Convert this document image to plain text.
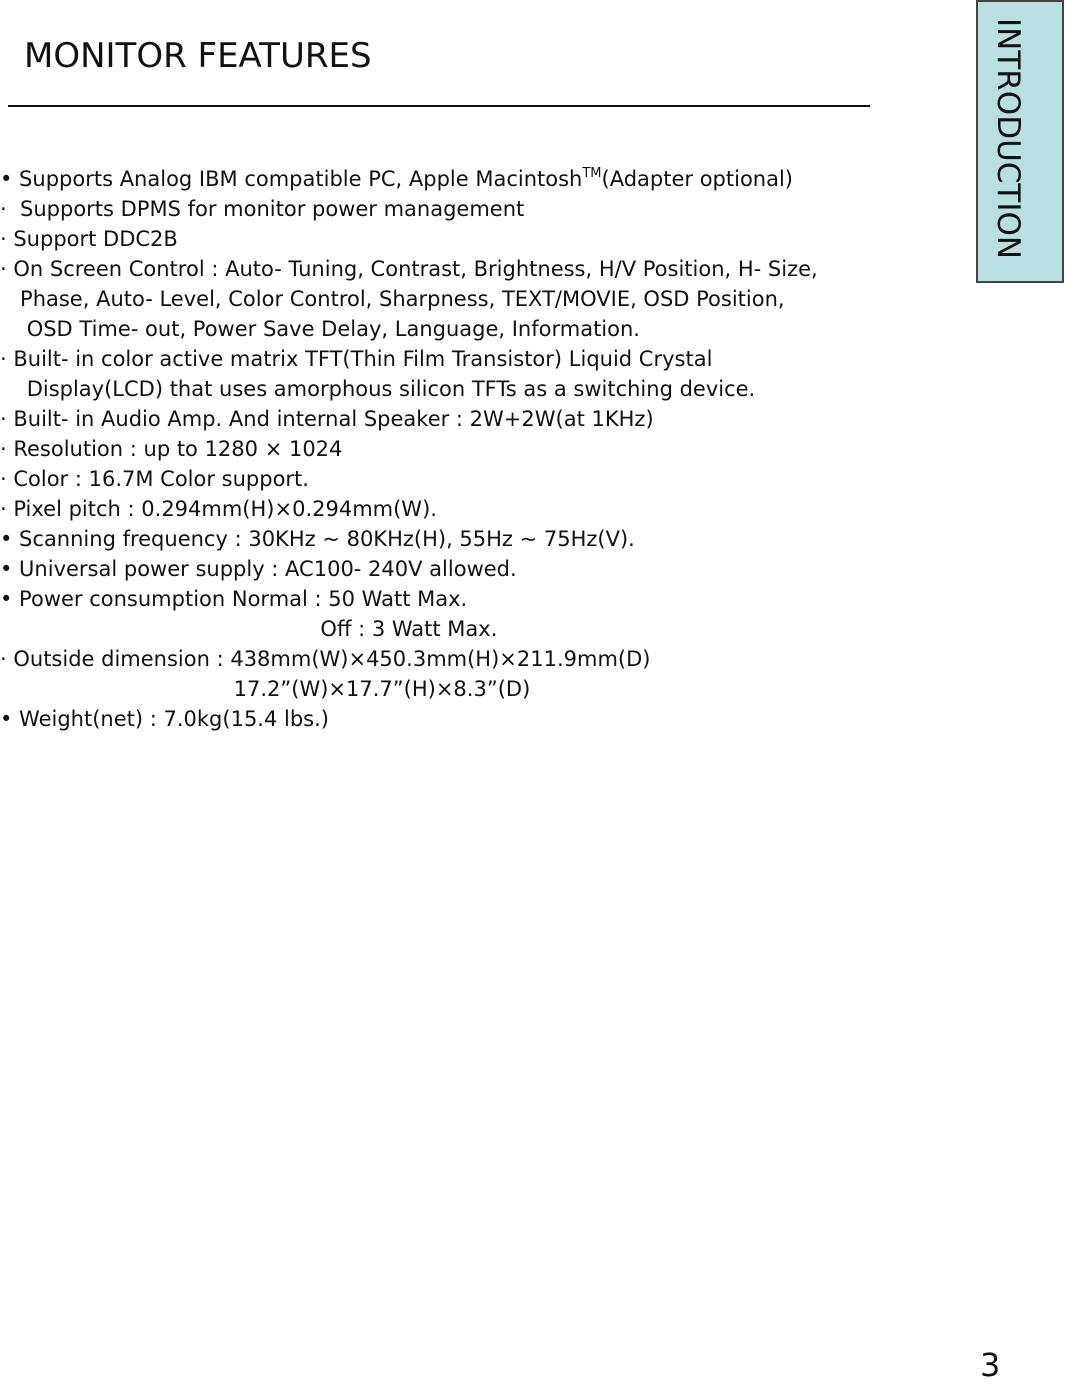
MONITOR FEATURES	INTRODUCTION
• Supports Analog IBM compatible PC, Apple Macintosh™(Adapter optional)
·  Supports DPMS for monitor power management
· Support DDC2B
· On Screen Control : Auto- Tuning, Contrast, Brightness, H/V Position, H- Size,
Phase, Auto- Level, Color Control, Sharpness, TEXT/MOVIE, OSD Position,
OSD Time- out, Power Save Delay, Language, Information.
· Built- in color active matrix TFT(Thin Film Transistor) Liquid Crystal
Display(LCD) that uses amorphous silicon TFTs as a switching device.
· Built- in Audio Amp. And internal Speaker : 2W+2W(at 1KHz)
· Resolution : up to 1280 × 1024
· Color : 16.7M Color support.
· Pixel pitch : 0.294mm(H)×0.294mm(W).
• Scanning frequency : 30KHz ~ 80KHz(H), 55Hz ~ 75Hz(V).
• Universal power supply : AC100- 240V allowed.
• Power consumption Normal : 50 Watt Max.
Off : 3 Watt Max.
· Outside dimension : 438mm(W)×450.3mm(H)×211.9mm(D)
17.2”(W)×17.7”(H)×8.3”(D)
• Weight(net) : 7.0kg(15.4 lbs.)
3
